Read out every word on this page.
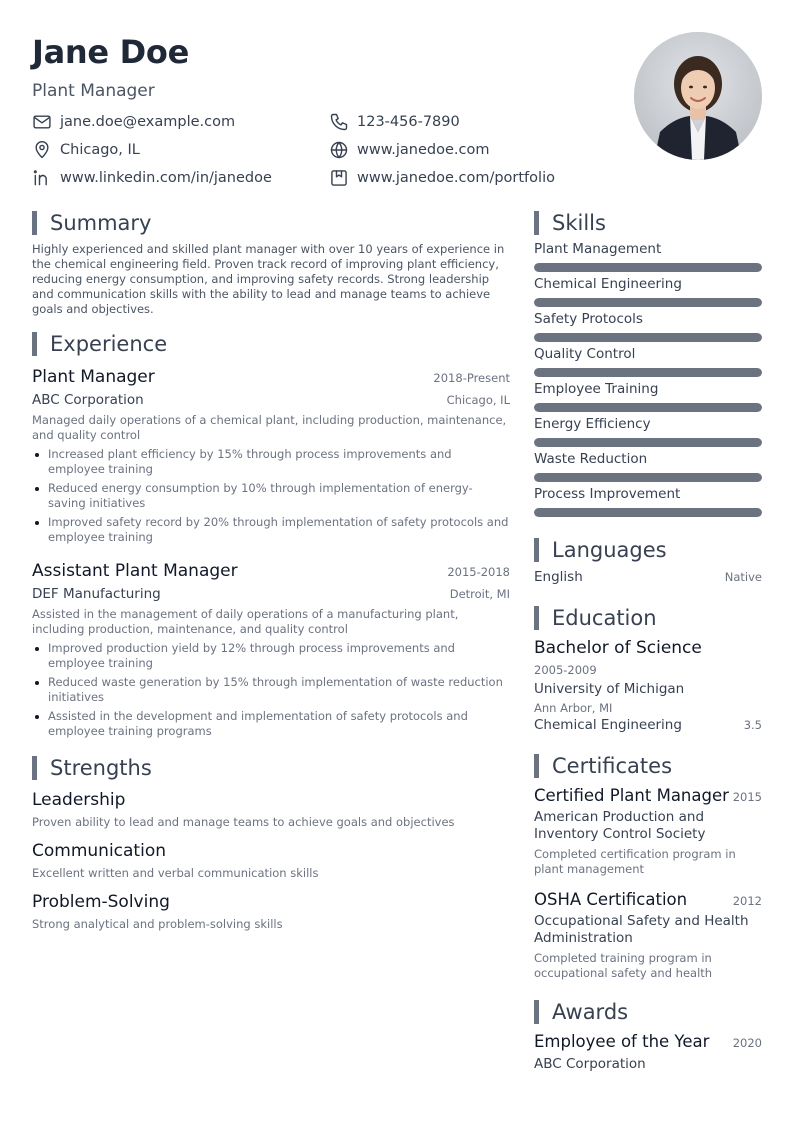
Jane Doe
Plant Manager
jane.doe@example.com	123-456-7890
Chicago, IL	www.janedoe.com
www.linkedin.com/in/janedoe	www.janedoe.com/portfolio
Summary
Highly experienced and skilled plant manager with over 10 years of experience in the chemical engineering field. Proven track record of improving plant efficiency, reducing energy consumption, and improving safety records. Strong leadership and communication skills with the ability to lead and manage teams to achieve goals and objectives.
Experience
Plant Manager	2018-Present
ABC Corporation	Chicago, IL
Managed daily operations of a chemical plant, including production, maintenance, and quality control
Increased plant efficiency by 15% through process improvements and employee training
Reduced energy consumption by 10% through implementation of energy-saving initiatives
Improved safety record by 20% through implementation of safety protocols and employee training
Assistant Plant Manager	2015-2018
DEF Manufacturing	Detroit, MI
Assisted in the management of daily operations of a manufacturing plant, including production, maintenance, and quality control
Improved production yield by 12% through process improvements and employee training
Reduced waste generation by 15% through implementation of waste reduction initiatives
Assisted in the development and implementation of safety protocols and employee training programs
Strengths
Leadership
Proven ability to lead and manage teams to achieve goals and objectives
Communication
Excellent written and verbal communication skills
Problem-Solving
Strong analytical and problem-solving skills
Skills
Plant Management
Chemical Engineering
Safety Protocols
Quality Control
Employee Training
Energy Efficiency
Waste Reduction
Process Improvement
Languages
English	Native
Education
Bachelor of Science
2005-2009
University of Michigan
Ann Arbor, MI
Chemical Engineering	3.5
Certificates
Certified Plant Manager 2015
American Production and Inventory Control Society
Completed certification program in plant management
OSHA Certification	2012
Occupational Safety and Health Administration
Completed training program in occupational safety and health
Awards
Employee of the Year 2020
ABC Corporation
